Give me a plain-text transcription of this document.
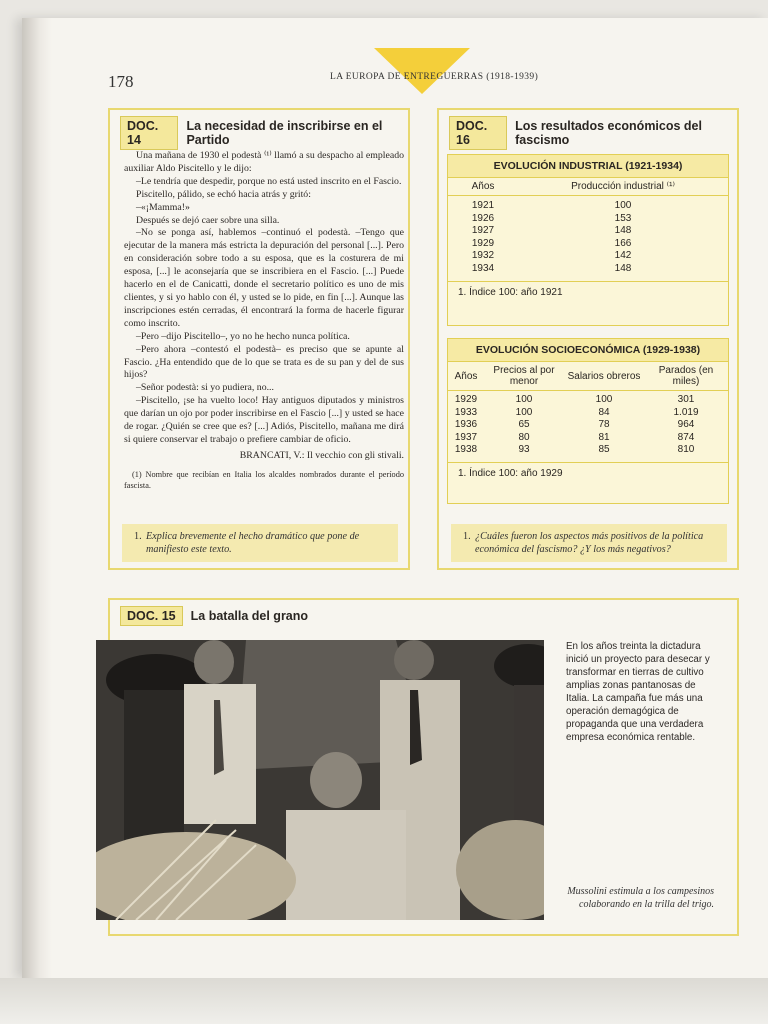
178	LA EUROPA DE ENTREGUERRAS (1918-1939)
DOC. 14
La necesidad de inscribirse en el Partido

Una mañana de 1930 el podestà ⁽¹⁾ llamó a su despacho al empleado auxiliar Aldo Piscitello y le dijo:

–Le tendría que despedir, porque no está usted inscrito en el Fascio.

Piscitello, pálido, se echó hacia atrás y gritó:

–«¡Mamma!»

Después se dejó caer sobre una silla.

–No se ponga así, hablemos –continuó el podestà. –Tengo que ejecutar de la manera más estricta la depuración del personal [...]. Pero en consideración sobre todo a su esposa, que es la costurera de mi esposa, [...] le aconsejaría que se inscribiera en el Fascio. [...] Puede hacerlo en el de Canicattì, donde el secretario político es uno de mis clientes, y si yo hablo con él, y usted se lo pide, en fin [...]. Aunque las inscripciones estén cerradas, él encontrará la forma de hacerle figurar como inscrito.

–Pero –dijo Piscitello–, yo no he hecho nunca política.

–Pero ahora –contestó el podestà– es preciso que se apunte al Fascio. ¿Ha entendido que de lo que se trata es de su pan y del de sus hijos?

–Señor podestà: si yo pudiera, no...

–Piscitello, ¡se ha vuelto loco! Hay antiguos diputados y ministros que darían un ojo por poder inscribirse en el Fascio [...] y usted se hace de rogar. ¿Quién se cree que es? [...] Adiós, Piscitello, mañana me dirá si quiere conservar el trabajo o prefiere cambiar de oficio.

BRANCATI, V.: Il vecchio con gli stivali.

(1) Nombre que recibían en Italia los alcaldes nombrados durante el período fascista.

1. Explica brevemente el hecho dramático que pone de manifiesto este texto.
DOC. 16
Los resultados económicos del fascismo
EVOLUCIÓN INDUSTRIAL (1921-1934)
Años	Producción industrial ⁽¹⁾
1921	100
1926	153
1927	148
1929	166
1932	142
1934	148
1. Índice 100: año 1921
EVOLUCIÓN SOCIOECONÓMICA (1929-1938)
Años	Precios al por menor	Salarios obreros	Parados (en miles)
1929	100	100	301
1933	100	84	1.019
1936	65	78	964
1937	80	81	874
1938	93	85	810
1. Índice 100: año 1929
1. ¿Cuáles fueron los aspectos más positivos de la política económica del fascismo? ¿Y los más negativos?
DOC. 15	La batalla del grano
En los años treinta la dictadura inició un proyecto para desecar y transformar en tierras de cultivo amplias zonas pantanosas de Italia. La campaña fue más una operación demagógica de propaganda que una verdadera empresa económica rentable.
Mussolini estimula a los campesinos colaborando en la trilla del trigo.
